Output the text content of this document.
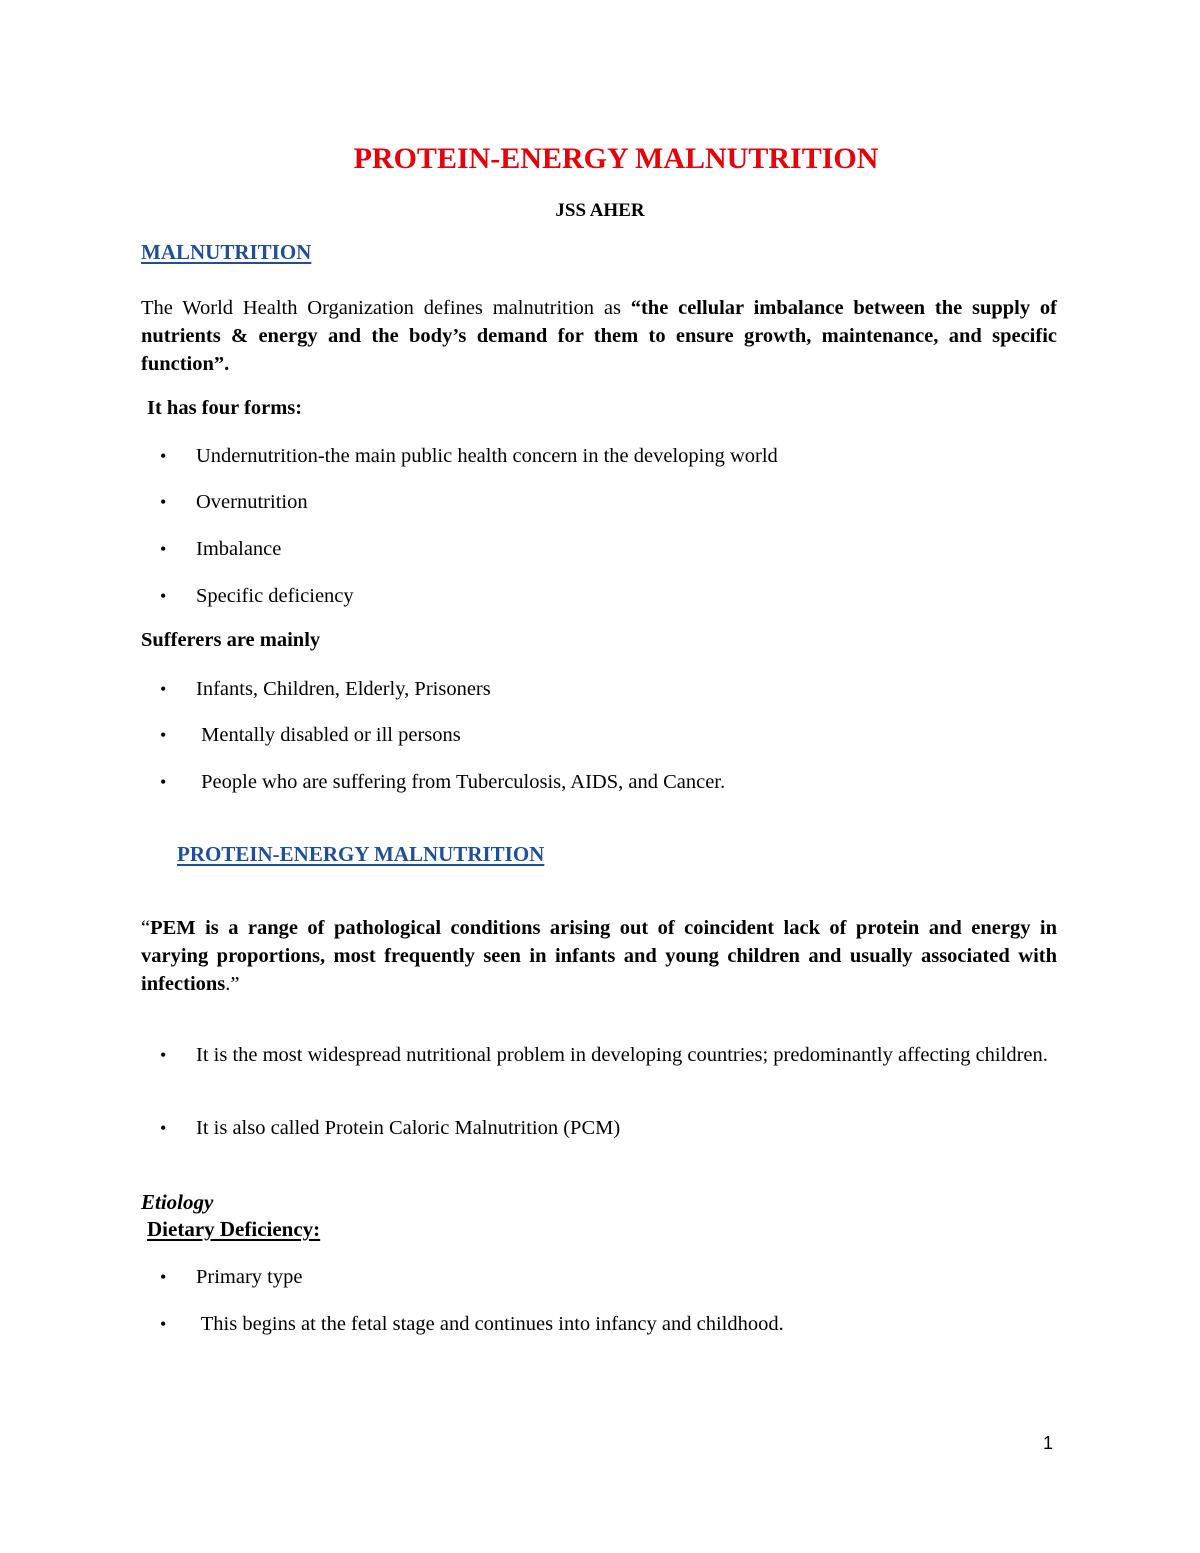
PROTEIN-ENERGY MALNUTRITION
JSS AHER
MALNUTRITION
The World Health Organization defines malnutrition as “the cellular imbalance between the supply of nutrients & energy and the body’s demand for them to ensure growth, maintenance, and specific function”.
It has four forms:
• Undernutrition-the main public health concern in the developing world
• Overnutrition
• Imbalance
• Specific deficiency
Sufferers are mainly
• Infants, Children, Elderly, Prisoners
• Mentally disabled or ill persons
• People who are suffering from Tuberculosis, AIDS, and Cancer.
PROTEIN-ENERGY MALNUTRITION
“PEM is a range of pathological conditions arising out of coincident lack of protein and energy in varying proportions, most frequently seen in infants and young children and usually associated with infections.”
• It is the most widespread nutritional problem in developing countries; predominantly affecting children.
• It is also called Protein Caloric Malnutrition (PCM)
Etiology
Dietary Deficiency:
• Primary type
• This begins at the fetal stage and continues into infancy and childhood.
1
